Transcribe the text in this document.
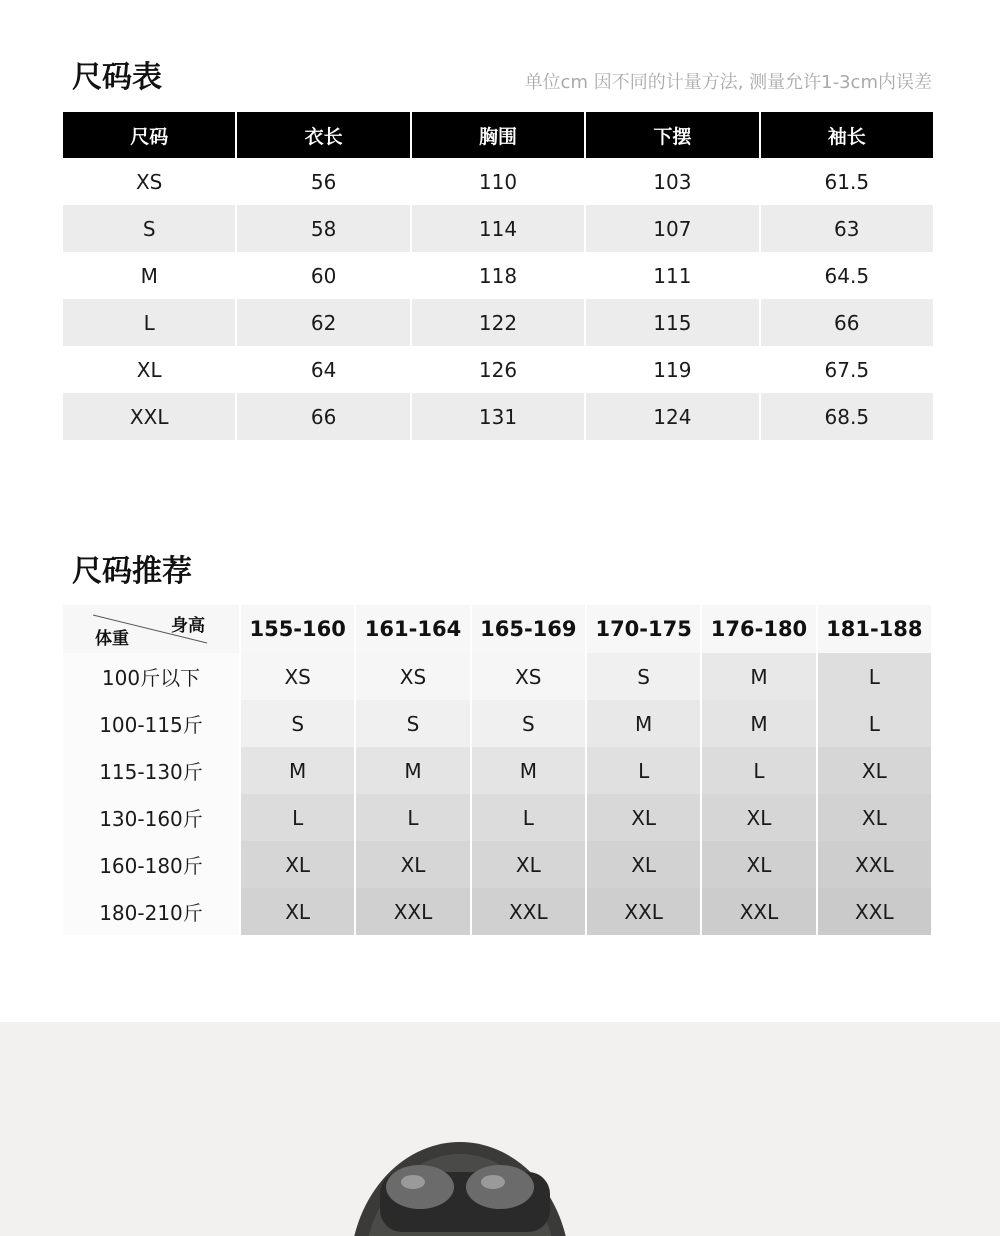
尺码表	单位cm 因不同的计量方法, 测量允许1-3cm内误差
尺码	衣长	胸围	下摆	袖长
XS	56	110	103	61.5
S	58	114	107	63
M	60	118	111	64.5
L	62	122	115	66
XL	64	126	119	67.5
XXL	66	131	124	68.5
尺码推荐
身高
体重	155-160	161-164	165-169	170-175	176-180	181-188
100斤以下	XS	XS	XS	S	M	L
100-115斤	S	S	S	M	M	L
115-130斤	M	M	M	L	L	XL
130-160斤	L	L	L	XL	XL	XL
160-180斤	XL	XL	XL	XL	XL	XXL
180-210斤	XL	XXL	XXL	XXL	XXL	XXL
